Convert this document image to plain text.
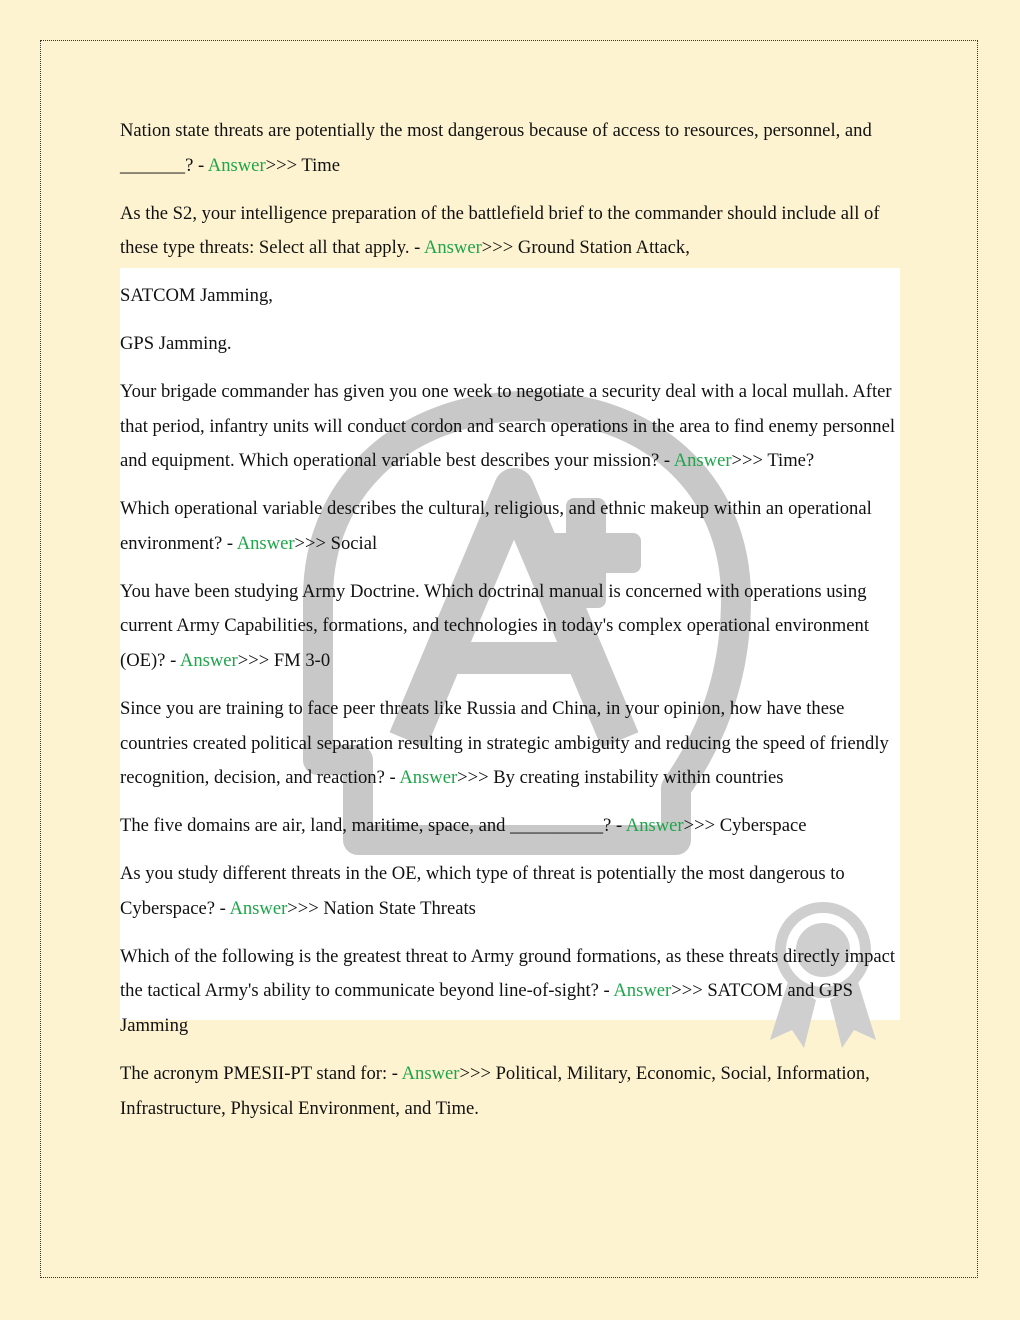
Nation state threats are potentially the most dangerous because of access to resources, personnel, and _______? - Answer>>> Time

As the S2, your intelligence preparation of the battlefield brief to the commander should include all of these type threats: Select all that apply. - Answer>>> Ground Station Attack,

SATCOM Jamming,

GPS Jamming.

Your brigade commander has given you one week to negotiate a security deal with a local mullah. After that period, infantry units will conduct cordon and search operations in the area to find enemy personnel and equipment. Which operational variable best describes your mission? - Answer>>> Time?

Which operational variable describes the cultural, religious, and ethnic makeup within an operational environment? - Answer>>> Social

You have been studying Army Doctrine. Which doctrinal manual is concerned with operations using current Army Capabilities, formations, and technologies in today's complex operational environment (OE)? - Answer>>> FM 3-0

Since you are training to face peer threats like Russia and China, in your opinion, how have these countries created political separation resulting in strategic ambiguity and reducing the speed of friendly recognition, decision, and reaction? - Answer>>> By creating instability within countries

The five domains are air, land, maritime, space, and __________? - Answer>>> Cyberspace

As you study different threats in the OE, which type of threat is potentially the most dangerous to Cyberspace? - Answer>>> Nation State Threats

Which of the following is the greatest threat to Army ground formations, as these threats directly impact the tactical Army's ability to communicate beyond line-of-sight? - Answer>>> SATCOM and GPS Jamming

The acronym PMESII-PT stand for: - Answer>>> Political, Military, Economic, Social, Information, Infrastructure, Physical Environment, and Time.
